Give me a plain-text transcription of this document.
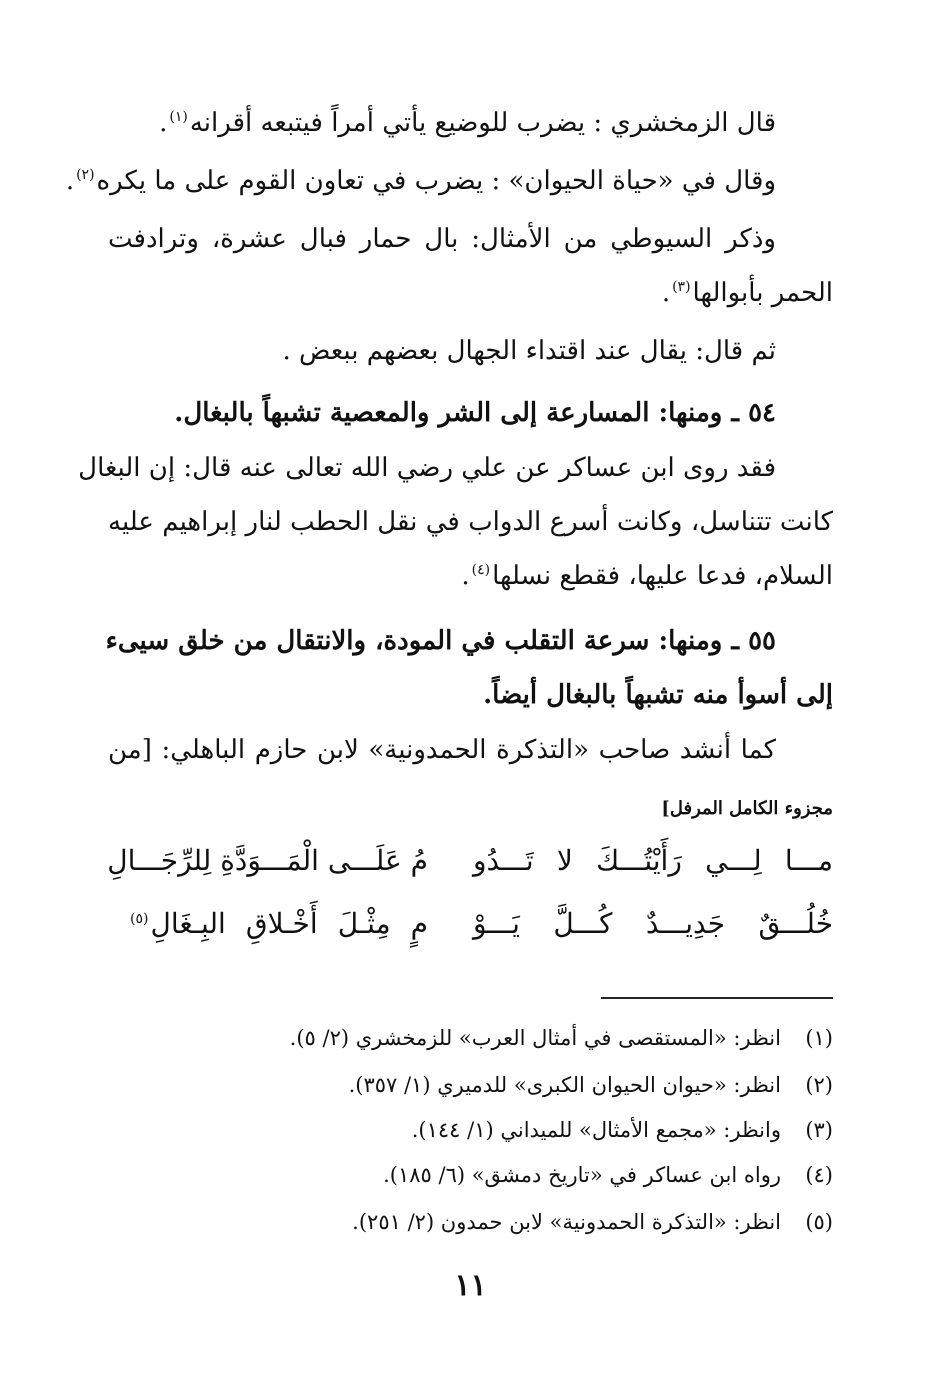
قال الزمخشري : يضرب للوضيع يأتي أمراً فيتبعه أقرانه$^{(١)}$.
وقال في «حياة الحيوان» : يضرب في تعاون القوم على ما يكره$^{(٢)}$.
وذكر السيوطي من الأمثال: بال حمار فبال عشرة، وترادفت
الحمر بأبوالها$^{(٣)}$.
ثم قال: يقال عند اقتداء الجهال بعضهم ببعض .
٥٤ ـ ومنها: المسارعة إلى الشر والمعصية تشبهاً بالبغال.
فقد روى ابن عساكر عن علي رضي الله تعالى عنه قال: إن البغال
كانت تتناسل، وكانت أسرع الدواب في نقل الحطب لنار إبراهيم عليه
السلام، فدعا عليها، فقطع نسلها$^{(٤)}$.
٥٥ ـ ومنها: سرعة التقلب في المودة، والانتقال من خلق سيىء
إلى أسوأ منه تشبهاً بالبغال أيضاً.
كما أنشد صاحب «التذكرة الحمدونية» لابن حازم الباهلي: [من
مجزوء الكامل المرفل]
مـــا لِـــي رَأَيْتُـــكَ لا تَـــدُو
مُ عَلَـــى الْمَـــوَدَّةِ لِلرِّجَـــالِ
خُلُـــقٌ جَدِيـــدٌ كُـــلَّ يَـــوْ
مٍ مِثْـلَ أَخْـلاقِ البِـغَالِ$^{(٥)}$
(١)
انظر: «المستقصى في أمثال العرب» للزمخشري (٢/ ٥).
(٢)
انظر: «حيوان الحيوان الكبرى» للدميري (١/ ٣٥٧).
(٣)
وانظر: «مجمع الأمثال» للميداني (١/ ١٤٤).
(٤)
رواه ابن عساكر في «تاريخ دمشق» (٦/ ١٨٥).
(٥)
انظر: «التذكرة الحمدونية» لابن حمدون (٢/ ٢٥١).
١١
